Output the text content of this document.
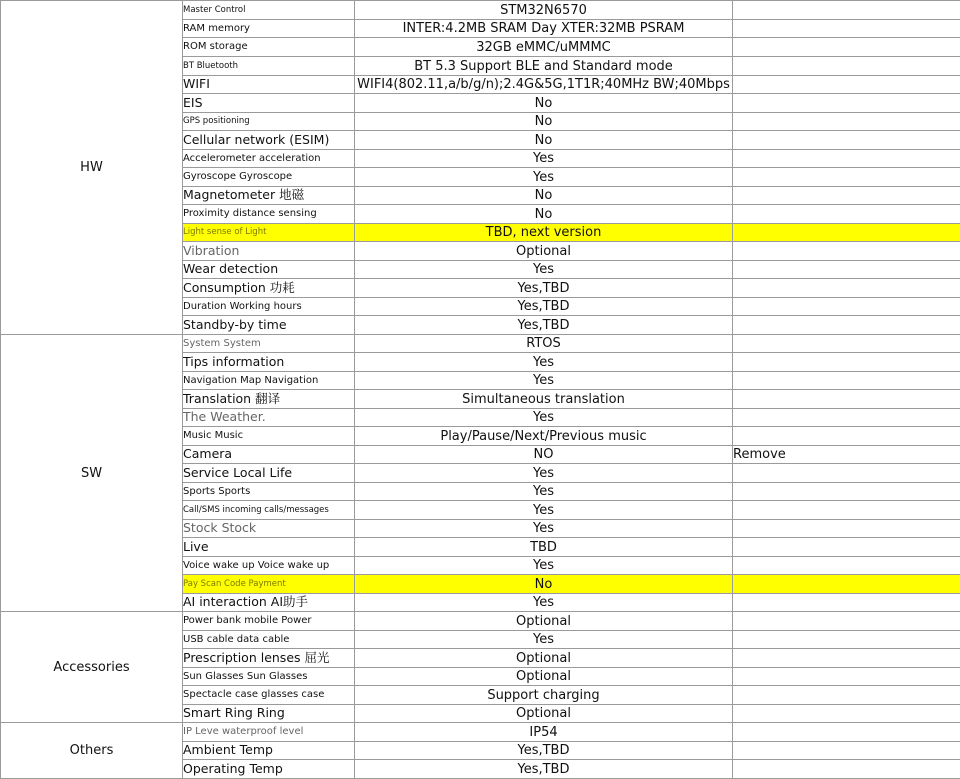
HW	Master Control	STM32N6570	
	RAM memory	INTER:4.2MB SRAM Day XTER:32MB PSRAM	
	ROM storage	32GB eMMC/uMMMC	
	BT Bluetooth	BT 5.3 Support BLE and Standard mode	
	WIFI	WIFI4(802.11,a/b/g/n);2.4G&5G,1T1R;40MHz BW;40Mbps	
	EIS	No	
	GPS positioning	No	
	Cellular network (ESIM)	No	
	Accelerometer acceleration	Yes	
	Gyroscope Gyroscope	Yes	
	Magnetometer 地磁	No	
	Proximity distance sensing	No	
	Light sense of Light	TBD, next version	
	Vibration	Optional	
	Wear detection	Yes	
	Consumption 功耗	Yes,TBD	
	Duration Working hours	Yes,TBD	
	Standby-by time	Yes,TBD	
SW	System System	RTOS	
	Tips information	Yes	
	Navigation Map Navigation	Yes	
	Translation 翻译	Simultaneous translation	
	The Weather.	Yes	
	Music Music	Play/Pause/Next/Previous music	
	Camera	NO	Remove
	Service Local Life	Yes	
	Sports Sports	Yes	
	Call/SMS incoming calls/messages	Yes	
	Stock Stock	Yes	
	Live	TBD	
	Voice wake up Voice wake up	Yes	
	Pay Scan Code Payment	No	
	AI interaction AI助手	Yes	
Accessories	Power bank mobile Power	Optional	
	USB cable data cable	Yes	
	Prescription lenses 屈光	Optional	
	Sun Glasses Sun Glasses	Optional	
	Spectacle case glasses case	Support charging	
	Smart Ring Ring	Optional	
Others	IP Leve waterproof level	IP54	
	Ambient Temp	Yes,TBD	
	Operating Temp	Yes,TBD	
